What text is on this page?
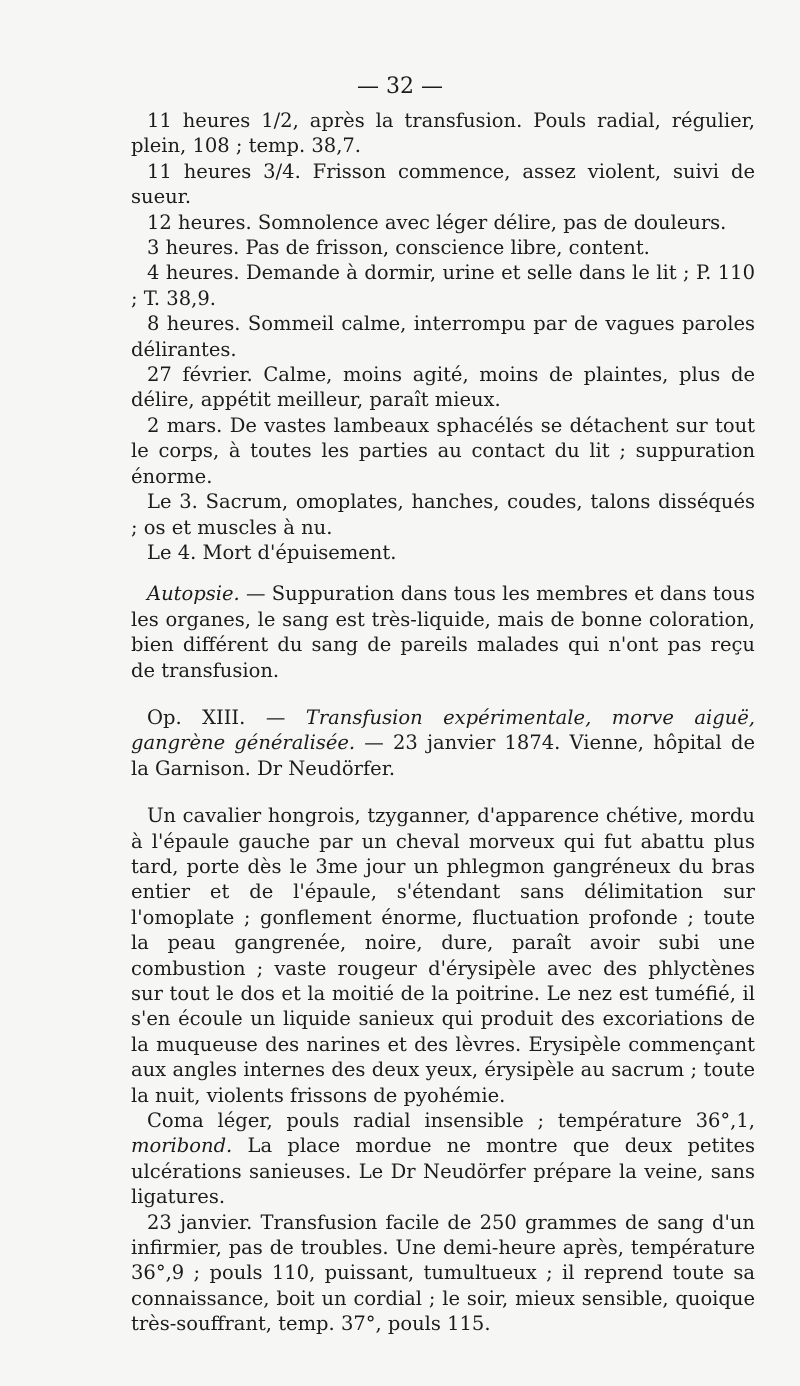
— 32 —

11 heures 1/2, après la transfusion. Pouls radial, régulier, plein, 108 ; temp. 38,7.

11 heures 3/4. Frisson commence, assez violent, suivi de sueur.

12 heures. Somnolence avec léger délire, pas de douleurs.

3 heures. Pas de frisson, conscience libre, content.

4 heures. Demande à dormir, urine et selle dans le lit ; P. 110 ; T. 38,9.

8 heures. Sommeil calme, interrompu par de vagues paroles délirantes.

27 février. Calme, moins agité, moins de plaintes, plus de délire, appétit meilleur, paraît mieux.

2 mars. De vastes lambeaux sphacélés se détachent sur tout le corps, à toutes les parties au contact du lit ; suppuration énorme.

Le 3. Sacrum, omoplates, hanches, coudes, talons disséqués ; os et muscles à nu.

Le 4. Mort d'épuisement.

Autopsie. — Suppuration dans tous les membres et dans tous les organes, le sang est très-liquide, mais de bonne coloration, bien différent du sang de pareils malades qui n'ont pas reçu de transfusion.

Op. XIII. — Transfusion expérimentale, morve aiguë, gangrène généralisée. — 23 janvier 1874. Vienne, hôpital de la Garnison. Dr Neudörfer.

Un cavalier hongrois, tzyganner, d'apparence chétive, mordu à l'épaule gauche par un cheval morveux qui fut abattu plus tard, porte dès le 3me jour un phlegmon gangréneux du bras entier et de l'épaule, s'étendant sans délimitation sur l'omoplate ; gonflement énorme, fluctuation profonde ; toute la peau gangrenée, noire, dure, paraît avoir subi une combustion ; vaste rougeur d'érysipèle avec des phlyctènes sur tout le dos et la moitié de la poitrine. Le nez est tuméfié, il s'en écoule un liquide sanieux qui produit des excoriations de la muqueuse des narines et des lèvres. Erysipèle commençant aux angles internes des deux yeux, érysipèle au sacrum ; toute la nuit, violents frissons de pyohémie.

Coma léger, pouls radial insensible ; température 36°,1, moribond. La place mordue ne montre que deux petites ulcérations sanieuses. Le Dr Neudörfer prépare la veine, sans ligatures.

23 janvier. Transfusion facile de 250 grammes de sang d'un infirmier, pas de troubles. Une demi-heure après, température 36°,9 ; pouls 110, puissant, tumultueux ; il reprend toute sa connaissance, boit un cordial ; le soir, mieux sensible, quoique très-souffrant, temp. 37°, pouls 115.
